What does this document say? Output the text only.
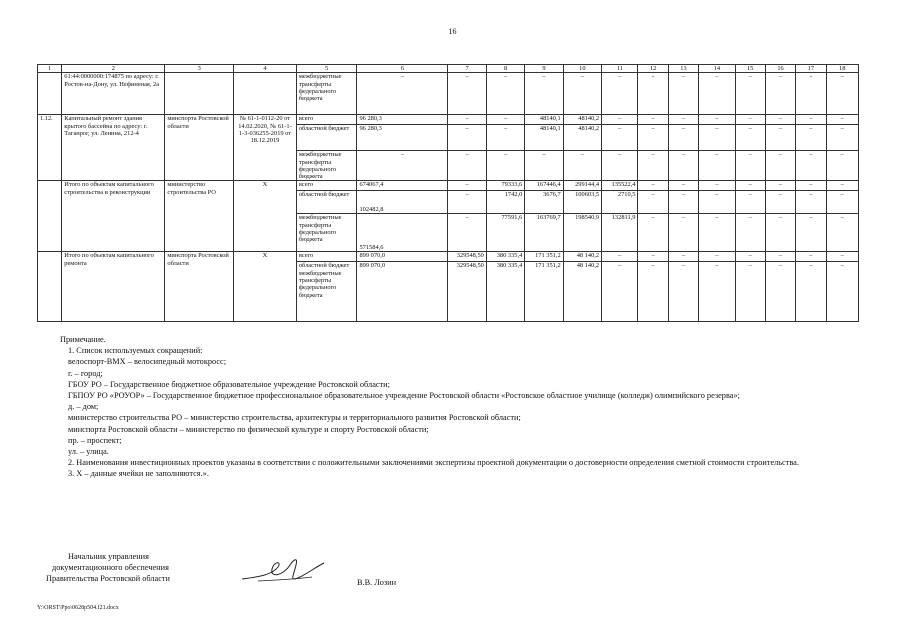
16
1	2	3	4	5	6	7	8	9	10	11	12	13	14	15	16	17	18
	61:44:0000000:174875 по адресу: г. Ростов-на-Дону, ул. Нефиненая, 2а			межбюджетные трансферты федерального бюджета	–	–	–	–	–	–	–	–	–	–	–	–	–
1.12.	Капитальный ремонт здания крытого бассейна по адресу: г. Таганрог, ул. Ленина, 212-4	минспорта Ростовской области	№ 61-1-0112-20 от 14.02.2020, № 61-1-1-3-036255-2019 от 18.12.2019	всего	96 280,3	–	–	48140,1	48140,2	–	–	–	–	–	–	–	–
				областной бюджет	96 280,3	–	–	48140,1	48140,2	–	–	–	–	–	–	–	–
				межбюджетные трансферты федерального бюджета	–	–	–	–	–	–	–	–	–	–	–	–	–
	Итого по объектам капитального строительства и реконструкции	министерство строительства РО	X	всего	674067,4	–	79333,6	167446,4	299144,4	135522,4	–	–	–	–	–	–	–
				областной бюджет	102482,8	–	1742,0	3676,7	100603,5	2710,5	–	–	–	–	–	–	–
				межбюджетные трансферты федерального бюджета	571584,6	–	77591,6	163769,7	198540,9	132811,9	–	–	–	–	–	–	–
	Итого по объектам капитального ремонта	минспорта Ростовской области	X	всего	899 070,0	329548,50	380 335,4	171 351,2	48 140,2	–	–	–	–	–	–	–	–
				областной бюджет межбюджетные трансферты федерального бюджета	899 070,0	329548,50	380 335,4	171 351,2	48 140,2	–	–	–	–	–	–	–	–

Примечание.

1. Список используемых сокращений:

велоспорт-ВМХ – велосипедный мотокросс;

г. – город;

ГБОУ РО – Государственное бюджетное образовательное учреждение Ростовской области;

ГБПОУ РО «РОУОР» – Государственное бюджетное профессиональное образовательное учреждение Ростовской области «Ростовское областное училище (колледж) олимпийского резерва»;

д. – дом;

министерство строительства РО – министерство строительства, архитектуры и территориального развития Ростовской области;

минспорта Ростовской области – министерство по физической культуре и спорту Ростовской области;

пр. – проспект;

ул. – улица.

2. Наименования инвестиционных проектов указаны в соответствии с положительными заключениями экспертизы проектной документации о достоверности определения сметной стоимости строительства.

3. X – данные ячейки не заполняются.».

Начальник управления
документационного обеспечения
Правительства Ростовской области	В.В. Лозин
Y:\ORST\Ppo\0628p504.f21.docx
